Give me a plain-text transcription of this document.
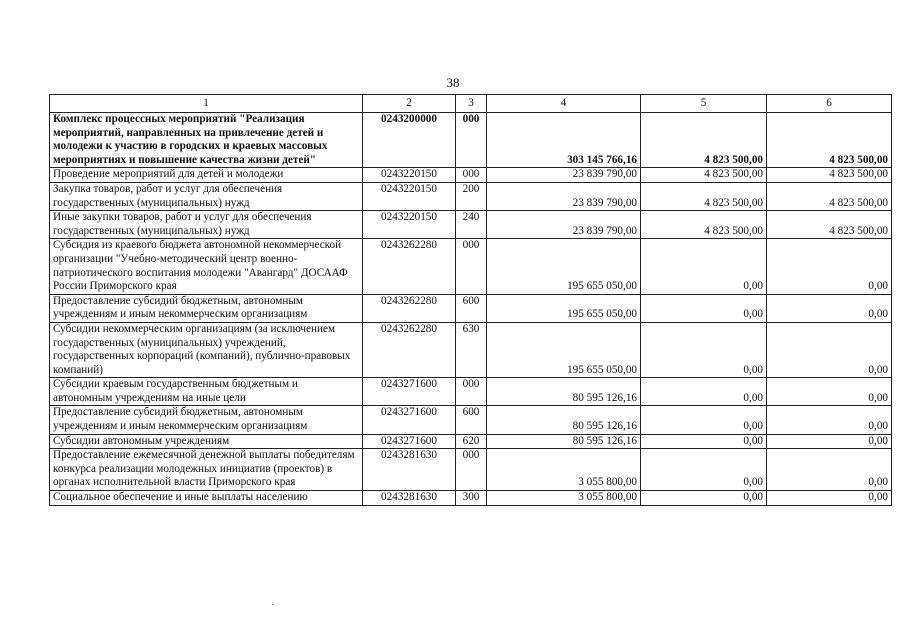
38
1	2	3	4	5	6
Комплекс процессных мероприятий "Реализация мероприятий, направленных на привлечение детей и молодежи к участию в городских и краевых массовых мероприятиях и повышение качества жизни детей"	0243200000	000	303 145 766,16	4 823 500,00	4 823 500,00
Проведение мероприятий для детей и молодежи	0243220150	000	23 839 790,00	4 823 500,00	4 823 500,00
Закупка товаров, работ и услуг для обеспечения государственных (муниципальных) нужд	0243220150	200	23 839 790,00	4 823 500,00	4 823 500,00
Иные закупки товаров, работ и услуг для обеспечения государственных (муниципальных) нужд	0243220150	240	23 839 790,00	4 823 500,00	4 823 500,00
Субсидия из краевого бюджета автономной некоммерческой организации "Учебно-методический центр военно-патриотического воспитания молодежи "Авангард" ДОСААФ России Приморского края	0243262280	000	195 655 050,00	0,00	0,00
Предоставление субсидий бюджетным, автономным учреждениям и иным некоммерческим организациям	0243262280	600	195 655 050,00	0,00	0,00
Субсидии некоммерческим организациям (за исключением государственных (муниципальных) учреждений, государственных корпораций (компаний), публично-правовых компаний)	0243262280	630	195 655 050,00	0,00	0,00
Субсидии краевым государственным бюджетным и автономным учреждениям на иные цели	0243271600	000	80 595 126,16	0,00	0,00
Предоставление субсидий бюджетным, автономным учреждениям и иным некоммерческим организациям	0243271600	600	80 595 126,16	0,00	0,00
Субсидии автономным учреждениям	0243271600	620	80 595 126,16	0,00	0,00
Предоставление ежемесячной денежной выплаты победителям конкурса реализации молодежных инициатив (проектов) в органах исполнительной власти Приморского края	0243281630	000	3 055 800,00	0,00	0,00
Социальное обеспечение и иные выплаты населению	0243281630	300	3 055 800,00	0,00	0,00
